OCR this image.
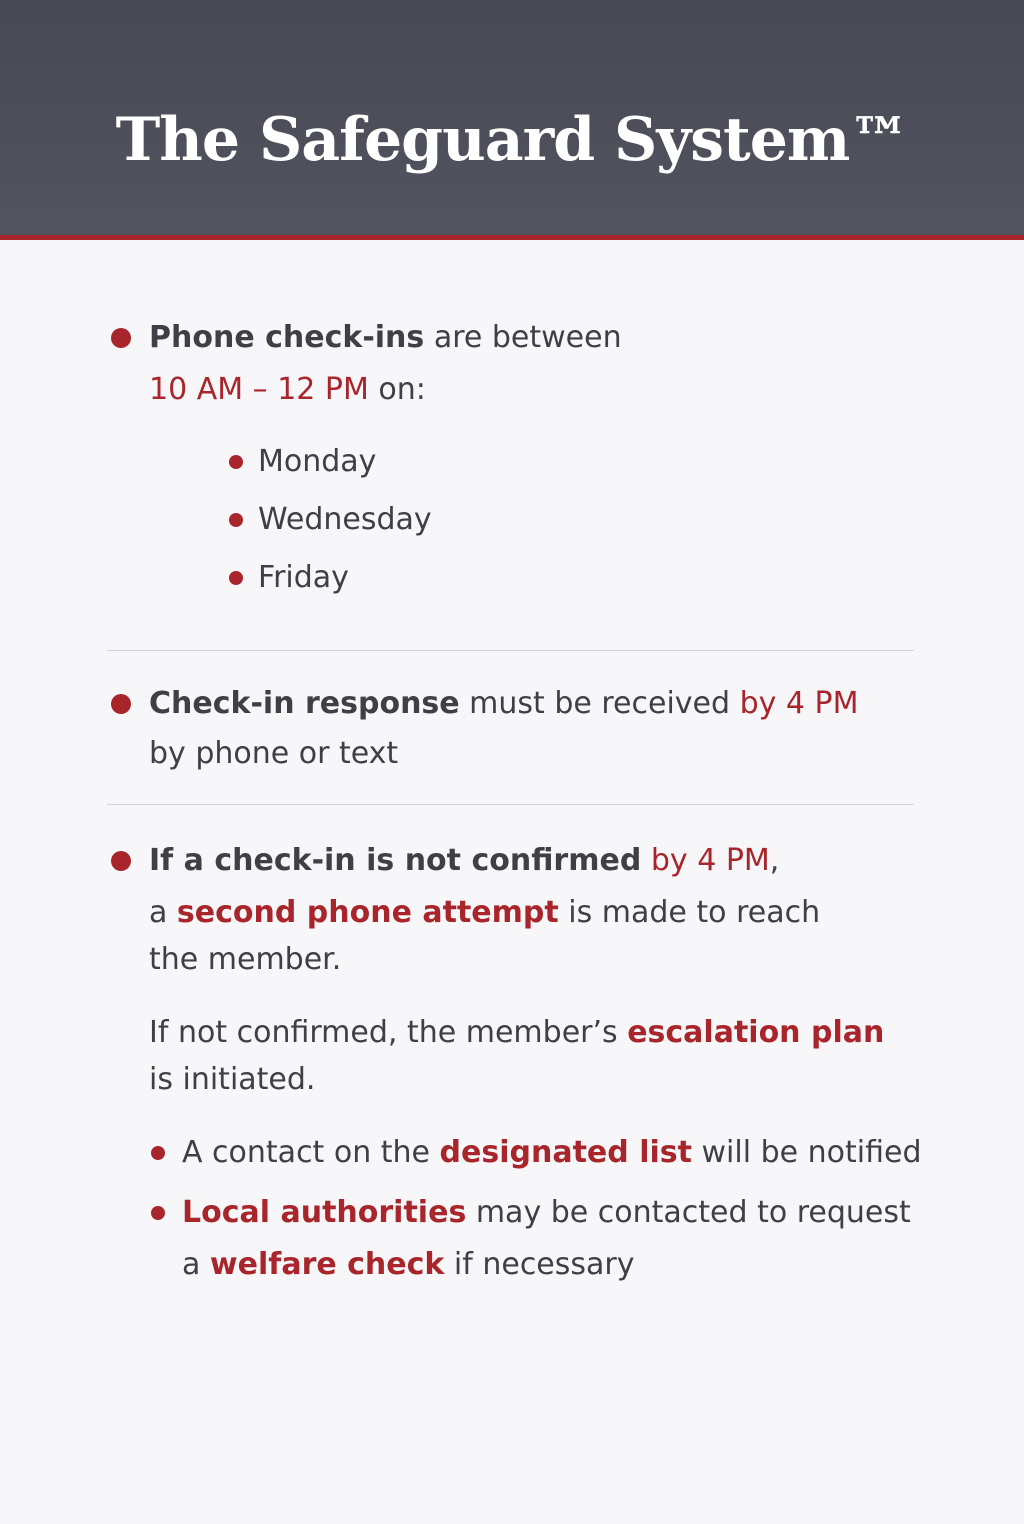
The Safeguard System™
Phone check-ins are between
10 AM – 12 PM on:
Monday
Wednesday
Friday
Check-in response must be received by 4 PM
by phone or text
If a check-in is not confirmed by 4 PM,
a second phone attempt is made to reach
the member.
If not confirmed, the member’s escalation plan
is initiated.
A contact on the designated list will be notified
Local authorities may be contacted to request
a welfare check if necessary
